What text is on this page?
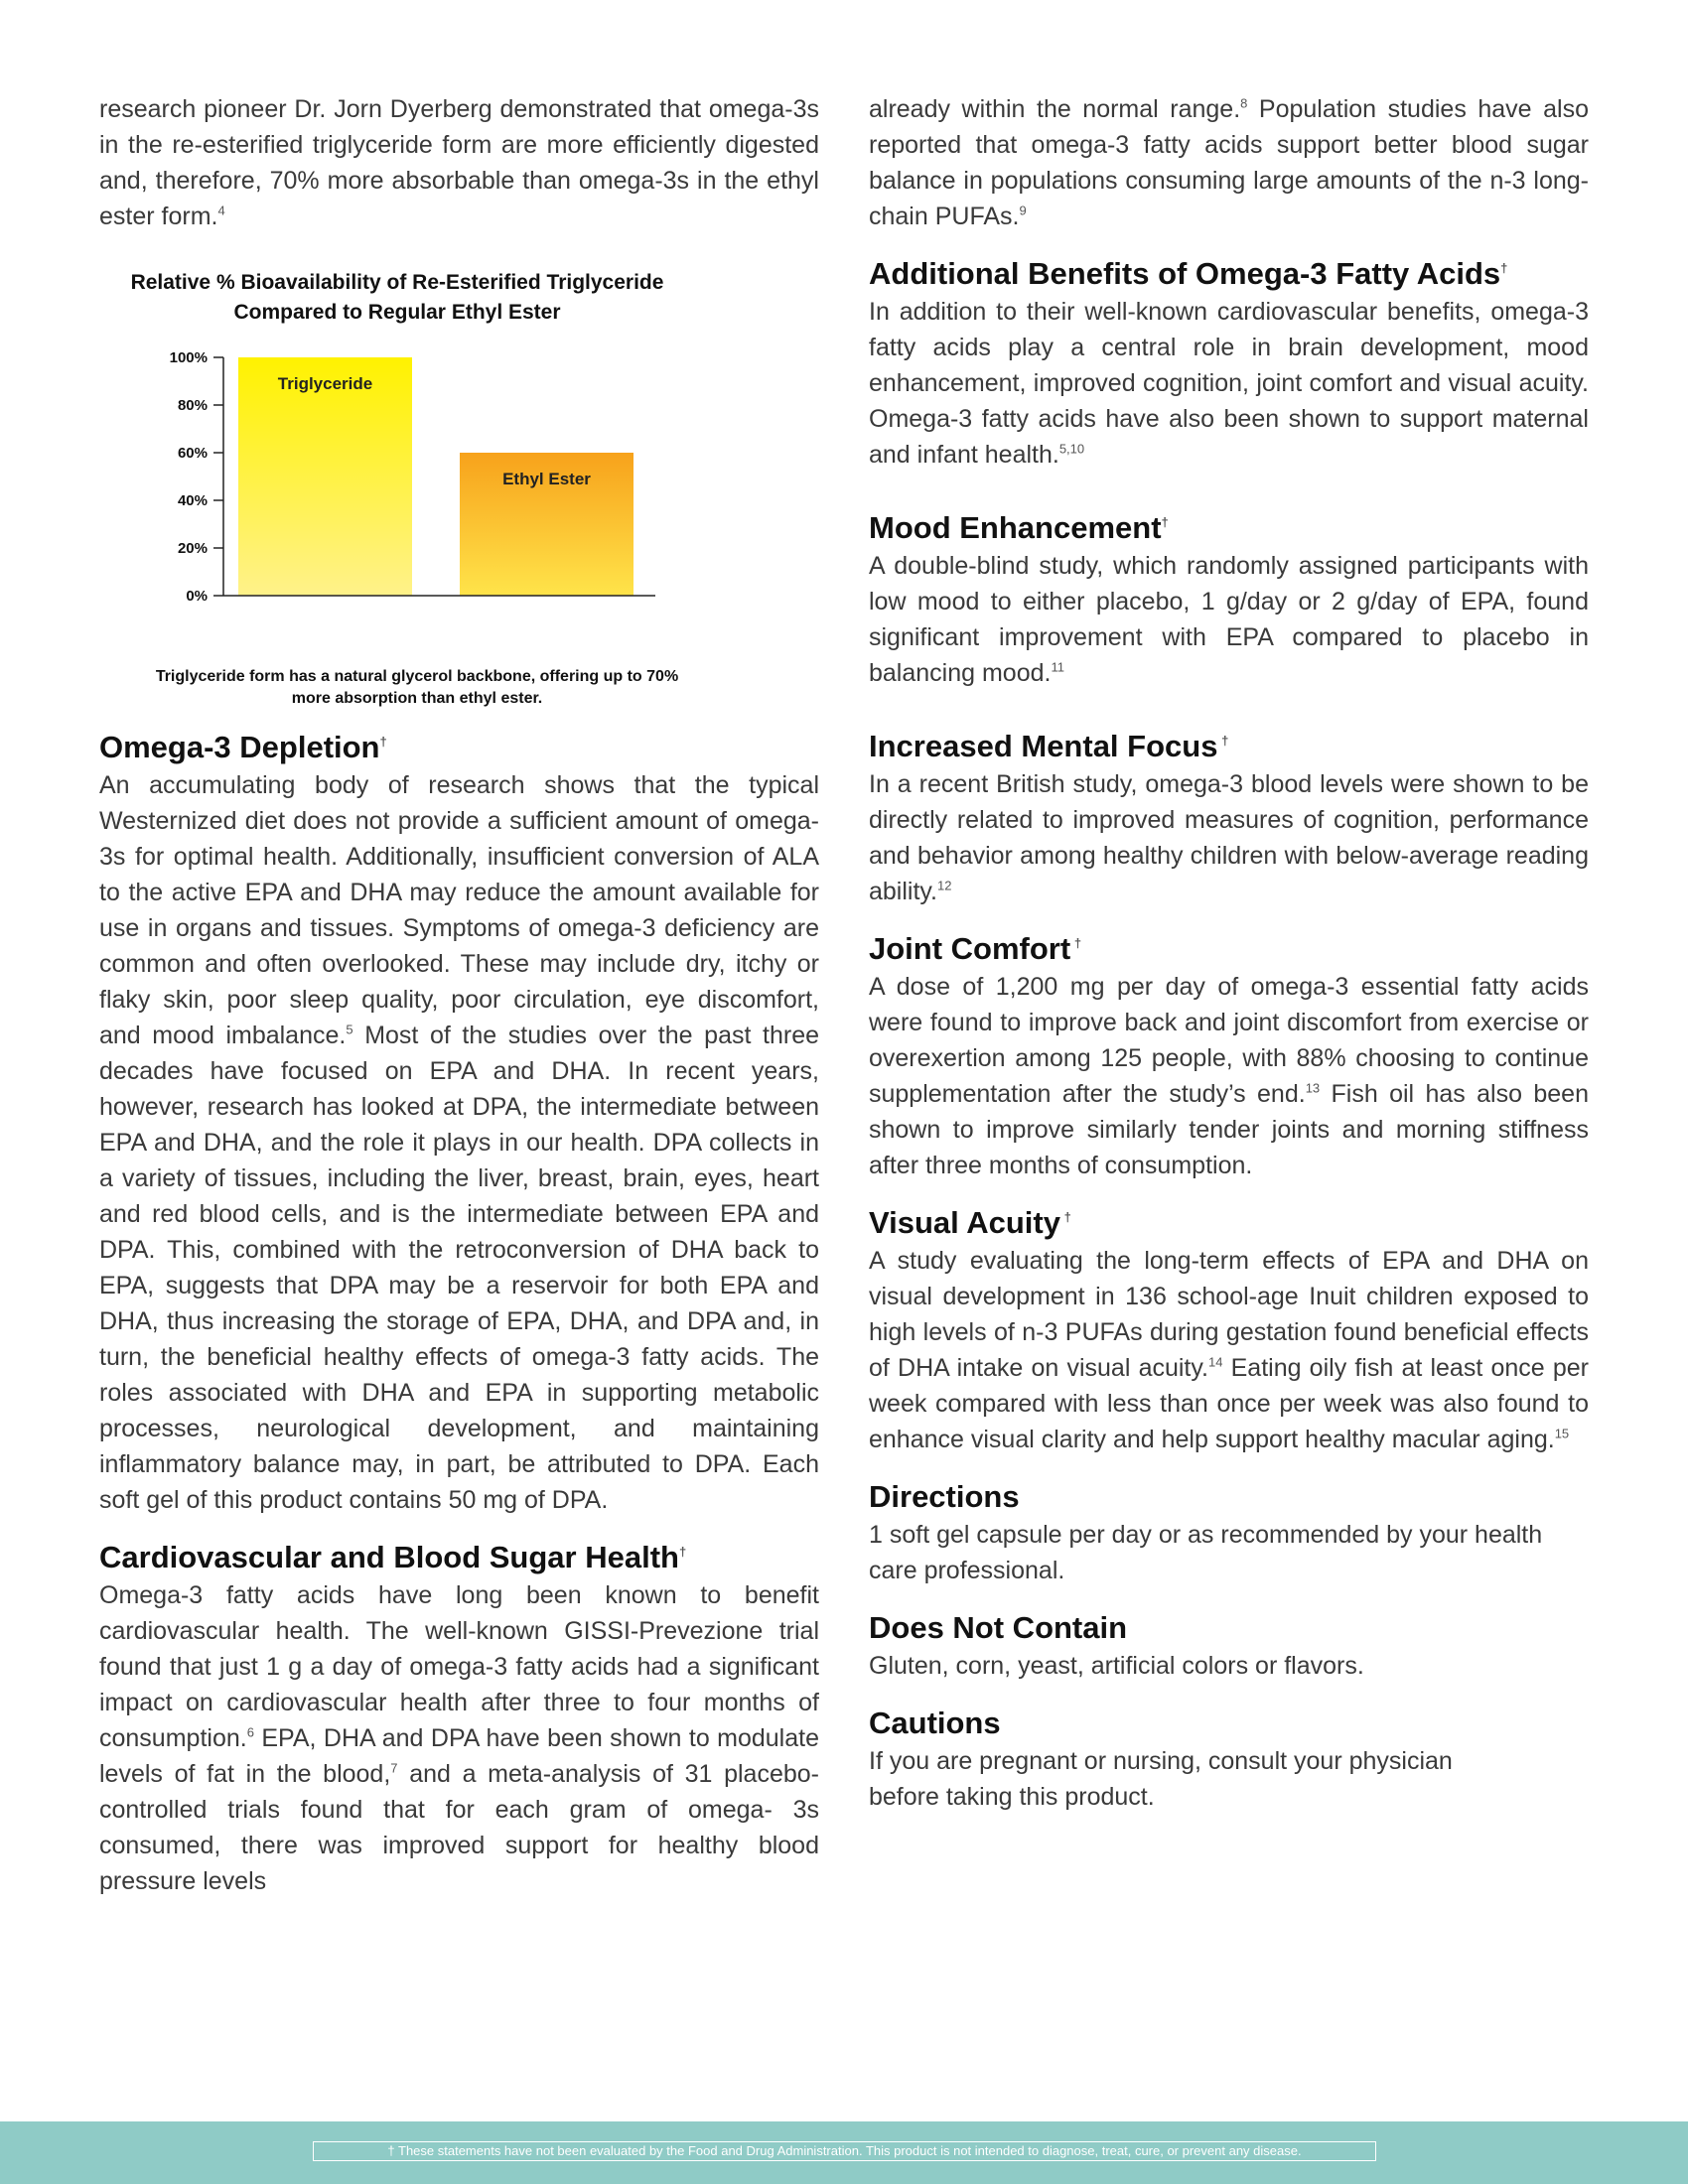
research pioneer Dr. Jorn Dyerberg demonstrated that omega-3s in the re-esterified triglyceride form are more efficiently digested and, therefore, 70% more absorbable than omega-3s in the ethyl ester form.$^4$

Relative % Bioavailability of Re-Esterified Triglyceride
Compared to Regular Ethyl Ester
0%
20%
40%
60%
80%
100%
Triglyceride
Ethyl Ester
Triglyceride form has a natural glycerol backbone, offering up to 70% more absorption than ethyl ester.
Omega-3 Depletion†

An accumulating body of research shows that the typical Westernized diet does not provide a sufficient amount of omega-3s for optimal health. Additionally, insufficient conversion of ALA to the active EPA and DHA may reduce the amount available for use in organs and tissues. Symptoms of omega-3 deficiency are common and often overlooked. These may include dry, itchy or flaky skin, poor sleep quality, poor circulation, eye discomfort, and mood imbalance.$^5$ Most of the studies over the past three decades have focused on EPA and DHA. In recent years, however, research has looked at DPA, the intermediate between EPA and DHA, and the role it plays in our health. DPA collects in a variety of tissues, including the liver, breast, brain, eyes, heart and red blood cells, and is the intermediate between EPA and DPA. This, combined with the retroconversion of DHA back to EPA, suggests that DPA may be a reservoir for both EPA and DHA, thus increasing the storage of EPA, DHA, and DPA and, in turn, the beneficial healthy effects of omega-3 fatty acids. The roles associated with DHA and EPA in supporting metabolic processes, neurological development, and maintaining inflammatory balance may, in part, be attributed to DPA. Each soft gel of this product contains 50 mg of DPA.

Cardiovascular and Blood Sugar Health†

Omega-3 fatty acids have long been known to benefit cardiovascular health. The well-known GISSI-Prevezione trial found that just 1 g a day of omega-3 fatty acids had a significant impact on cardiovascular health after three to four months of consumption.$^6$ EPA, DHA and DPA have been shown to modulate levels of fat in the blood,$^7$ and a meta-analysis of 31 placebo-controlled trials found that for each gram of omega- 3s consumed, there was improved support for healthy blood pressure levels

already within the normal range.$^8$ Population studies have also reported that omega-3 fatty acids support better blood sugar balance in populations consuming large amounts of the n-3 long-chain PUFAs.$^9$

Additional Benefits of Omega-3 Fatty Acids†

In addition to their well-known cardiovascular benefits, omega-3 fatty acids play a central role in brain development, mood enhancement, improved cognition, joint comfort and visual acuity. Omega-3 fatty acids have also been shown to support maternal and infant health.$^{5,10}$

Mood Enhancement†

A double-blind study, which randomly assigned participants with low mood to either placebo, 1 g/day or 2 g/day of EPA, found significant improvement with EPA compared to placebo in balancing mood.$^{11}$

Increased Mental Focus †

In a recent British study, omega-3 blood levels were shown to be directly related to improved measures of cognition, performance and behavior among healthy children with below-average reading ability.$^{12}$

Joint Comfort †

A dose of 1,200 mg per day of omega-3 essential fatty acids were found to improve back and joint discomfort from exercise or overexertion among 125 people, with 88% choosing to continue supplementation after the study’s end.$^{13}$ Fish oil has also been shown to improve similarly tender joints and morning stiffness after three months of consumption.

Visual Acuity †

A study evaluating the long-term effects of EPA and DHA on visual development in 136 school-age Inuit children exposed to high levels of n-3 PUFAs during gestation found beneficial effects of DHA intake on visual acuity.$^{14}$ Eating oily fish at least once per week compared with less than once per week was also found to enhance visual clarity and help support healthy macular aging.$^{15}$

Directions

1 soft gel capsule per day or as recommended by your health care professional.

Does Not Contain

Gluten, corn, yeast, artificial colors or flavors.

Cautions

If you are pregnant or nursing, consult your physician
before taking this product.

† These statements have not been evaluated by the Food and Drug Administration. This product is not intended to diagnose, treat, cure, or prevent any disease.
